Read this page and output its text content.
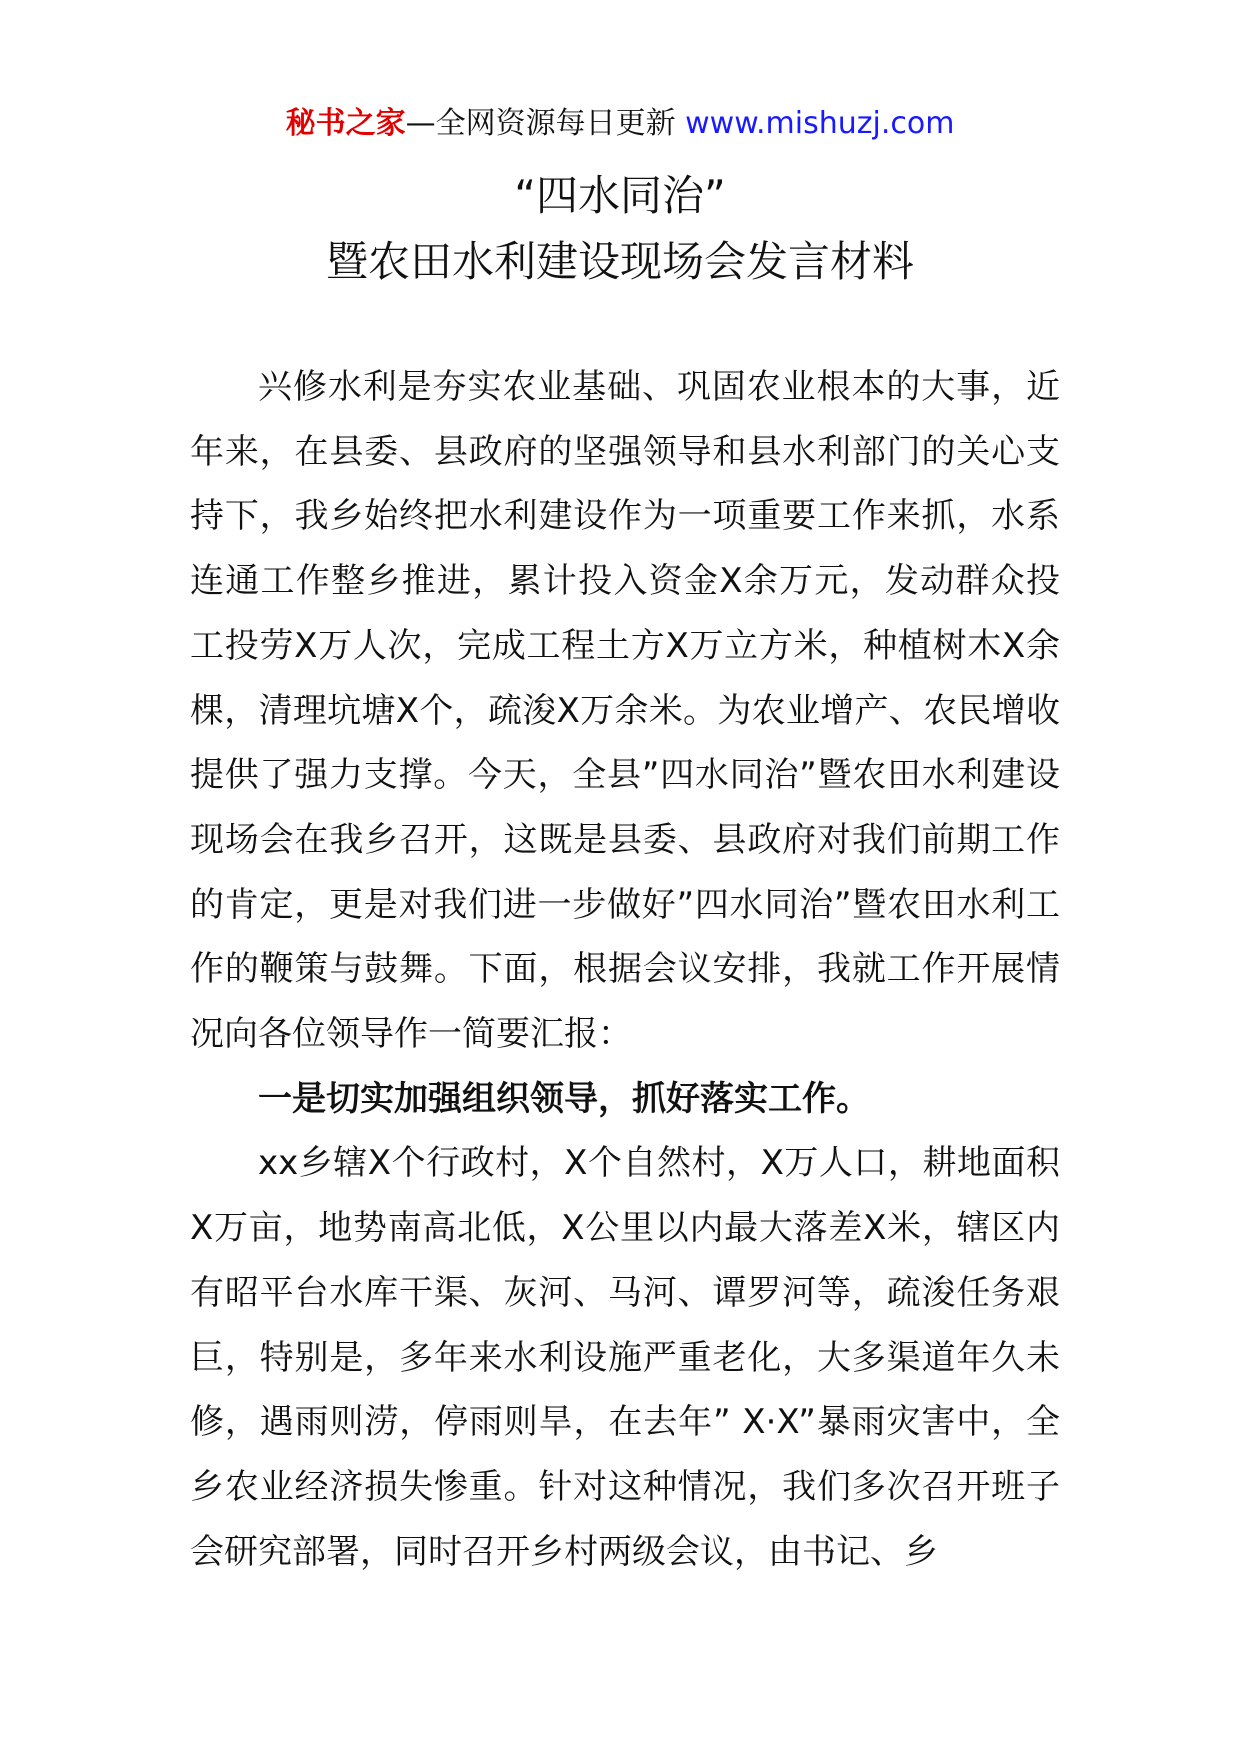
秘书之家—全网资源每日更新 www.mishuzj.com
“四水同治”
暨农田水利建设现场会发言材料

兴修水利是夯实农业基础、巩固农业根本的大事，近年来，在县委、县政府的坚强领导和县水利部门的关心支持下，我乡始终把水利建设作为一项重要工作来抓，水系连通工作整乡推进，累计投入资金X余万元，发动群众投工投劳X万人次，完成工程土方X万立方米，种植树木X余棵，清理坑塘X个，疏浚X万余米。为农业增产、农民增收提供了强力支撑。今天，全县”四水同治”暨农田水利建设现场会在我乡召开，这既是县委、县政府对我们前期工作的肯定，更是对我们进一步做好”四水同治”暨农田水利工作的鞭策与鼓舞。下面，根据会议安排，我就工作开展情况向各位领导作一简要汇报：

一是切实加强组织领导，抓好落实工作。

xx乡辖X个行政村，X个自然村，X万人口，耕地面积X万亩，地势南高北低，X公里以内最大落差X米，辖区内有昭平台水库干渠、灰河、马河、谭罗河等，疏浚任务艰巨，特别是，多年来水利设施严重老化，大多渠道年久未修，遇雨则涝，停雨则旱，在去年” X·X”暴雨灾害中，全乡农业经济损失惨重。针对这种情况，我们多次召开班子会研究部署，同时召开乡村两级会议，由书记、乡
